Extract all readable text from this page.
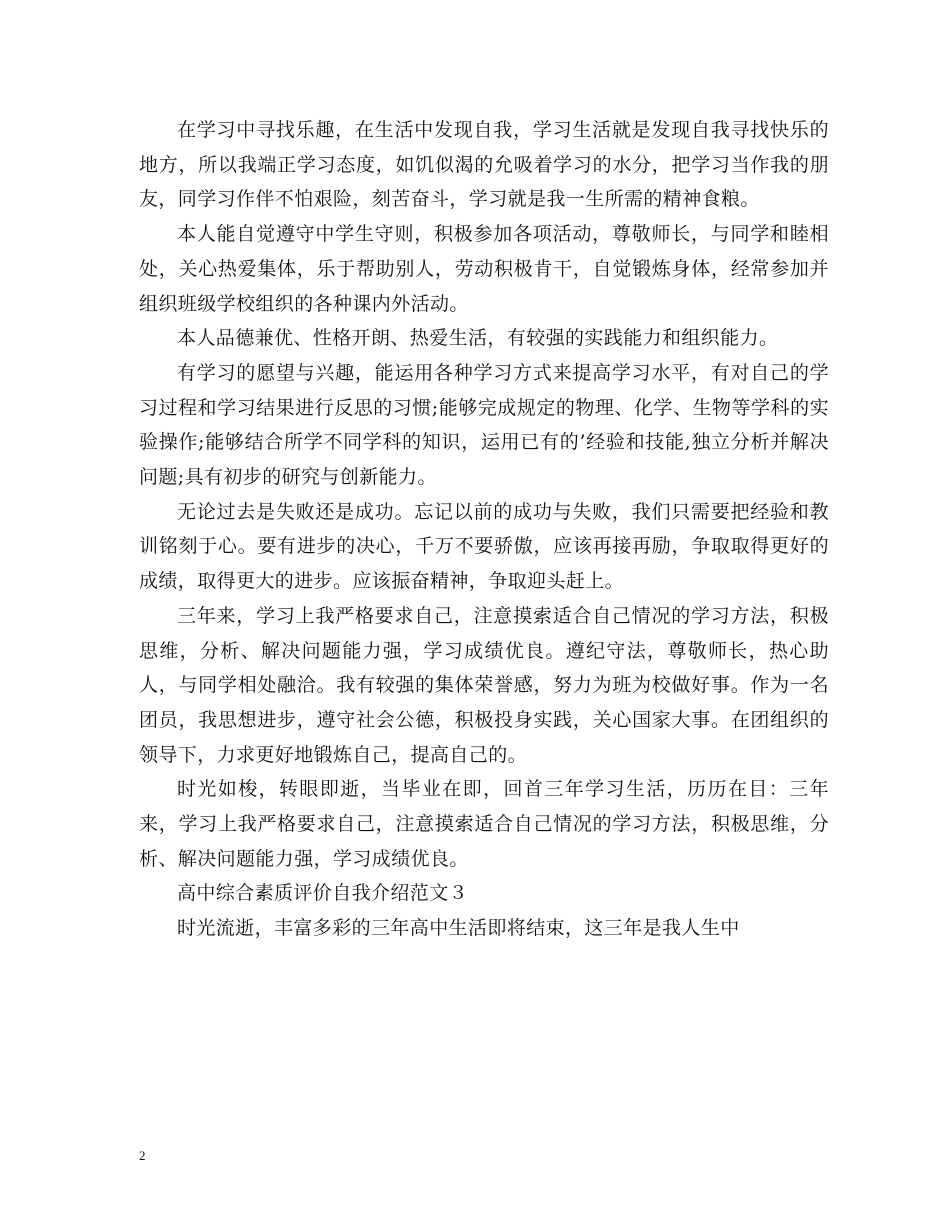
在学习中寻找乐趣，在生活中发现自我，学习生活就是发现自我寻找快乐的地方，所以我端正学习态度，如饥似渴的允吸着学习的水分，把学习当作我的朋友，同学习作伴不怕艰险，刻苦奋斗，学习就是我一生所需的精神食粮。

本人能自觉遵守中学生守则，积极参加各项活动，尊敬师长，与同学和睦相处，关心热爱集体，乐于帮助别人，劳动积极肯干，自觉锻炼身体，经常参加并组织班级学校组织的各种课内外活动。

本人品德兼优、性格开朗、热爱生活，有较强的实践能力和组织能力。

有学习的愿望与兴趣，能运用各种学习方式来提高学习水平，有对自己的学习过程和学习结果进行反思的习惯;能够完成规定的物理、化学、生物等学科的实验操作;能够结合所学不同学科的知识，运用已有的’经验和技能,独立分析并解决问题;具有初步的研究与创新能力。

无论过去是失败还是成功。忘记以前的成功与失败，我们只需要把经验和教训铭刻于心。要有进步的决心，千万不要骄傲，应该再接再励，争取取得更好的成绩，取得更大的进步。应该振奋精神，争取迎头赶上。

三年来，学习上我严格要求自己，注意摸索适合自己情况的学习方法，积极思维，分析、解决问题能力强，学习成绩优良。遵纪守法，尊敬师长，热心助人，与同学相处融洽。我有较强的集体荣誉感，努力为班为校做好事。作为一名团员，我思想进步，遵守社会公德，积极投身实践，关心国家大事。在团组织的领导下，力求更好地锻炼自己，提高自己的。

时光如梭，转眼即逝，当毕业在即，回首三年学习生活，历历在目：三年来，学习上我严格要求自己，注意摸索适合自己情况的学习方法，积极思维，分析、解决问题能力强，学习成绩优良。

高中综合素质评价自我介绍范文３

时光流逝，丰富多彩的三年高中生活即将结束，这三年是我人生中

2
